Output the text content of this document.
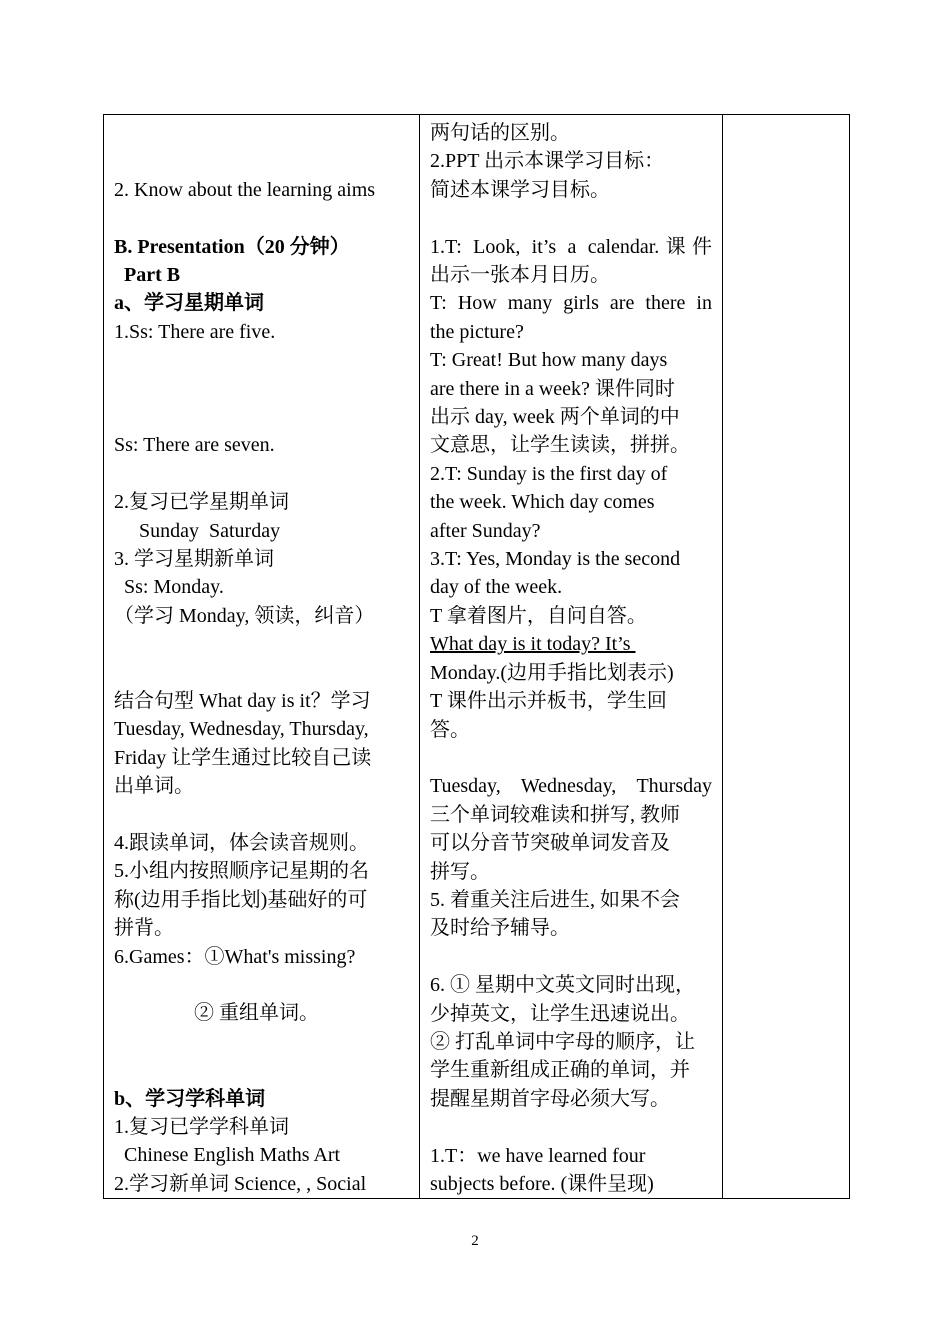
2. Know about the learning aims
B. Presentation（20 分钟）
Part B
a、学习星期单词
1.Ss: There are five.
Ss: There are seven.
2.复习已学星期单词
Sunday  Saturday
3. 学习星期新单词
Ss: Monday.
（学习 Monday, 领读，纠音）
结合句型 What day is it？学习
Tuesday, Wednesday, Thursday,
Friday 让学生通过比较自己读
出单词。
4.跟读单词，体会读音规则。
5.小组内按照顺序记星期的名
称(边用手指比划)基础好的可
拼背。
6.Games：①What's missing?
② 重组单词。
b、学习学科单词
1.复习已学学科单词
Chinese English Maths Art
2.学习新单词 Science, , Social

两句话的区别。
2.PPT 出示本课学习目标：
简述本课学习目标。
1.T: Look, it’s a calendar.课件
出示一张本月日历。
T: How many girls are there in
the picture?
T: Great! But how many days
are there in a week? 课件同时
出示 day, week 两个单词的中
文意思，让学生读读，拼拼。
2.T: Sunday is the first day of
the week. Which day comes
after Sunday?
3.T: Yes, Monday is the second
day of the week.
T 拿着图片，自问自答。
What day is it today? It’s
Monday.(边用手指比划表示)
T 课件出示并板书，学生回
答。
Tuesday, Wednesday, Thursday
三个单词较难读和拼写, 教师
可以分音节突破单词发音及
拼写。
5. 着重关注后进生, 如果不会
及时给予辅导。
6. ① 星期中文英文同时出现，
少掉英文，让学生迅速说出。
② 打乱单词中字母的顺序，让
学生重新组成正确的单词，并
提醒星期首字母必须大写。
1.T：we have learned four
subjects before. (课件呈现)

2
